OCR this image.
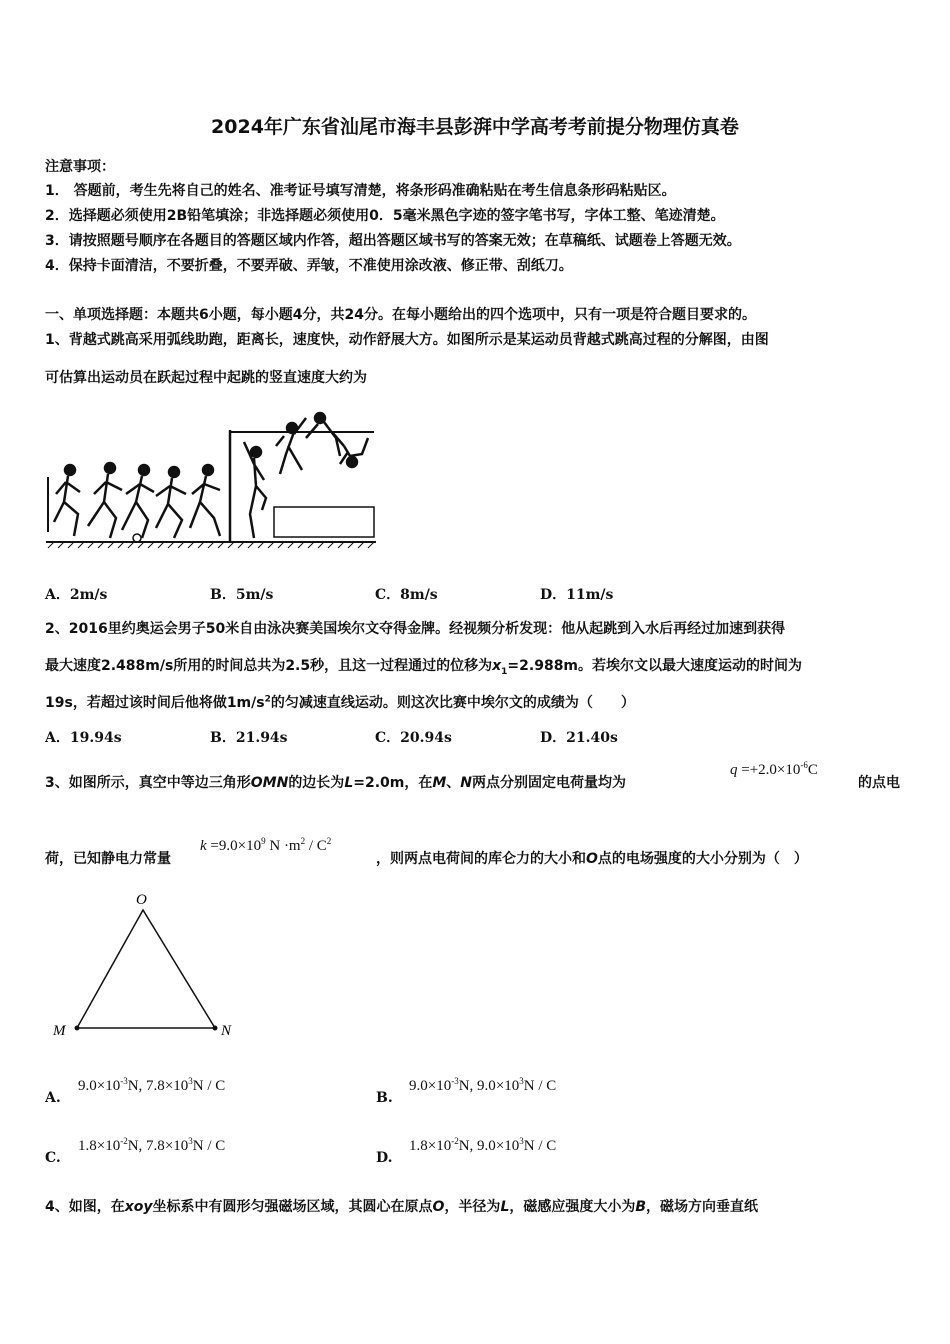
2024年广东省汕尾市海丰县彭湃中学高考考前提分物理仿真卷
注意事项：
1． 答题前，考生先将自己的姓名、准考证号填写清楚，将条形码准确粘贴在考生信息条形码粘贴区。
2．选择题必须使用2B铅笔填涂；非选择题必须使用0．5毫米黑色字迹的签字笔书写，字体工整、笔迹清楚。
3．请按照题号顺序在各题目的答题区域内作答，超出答题区域书写的答案无效；在草稿纸、试题卷上答题无效。
4．保持卡面清洁，不要折叠，不要弄破、弄皱，不准使用涂改液、修正带、刮纸刀。
一、单项选择题：本题共6小题，每小题4分，共24分。在每小题给出的四个选项中，只有一项是符合题目要求的。
1、背越式跳高采用弧线助跑，距离长，速度快，动作舒展大方。如图所示是某运动员背越式跳高过程的分解图，由图
可估算出运动员在跃起过程中起跳的竖直速度大约为
A．2m/s	B．5m/s	C．8m/s	D．11m/s
2、2016里约奥运会男子50米自由泳决赛美国埃尔文夺得金牌。经视频分析发现：他从起跳到入水后再经过加速到获得
最大速度2.488m/s所用的时间总共为2.5秒，且这一过程通过的位移为$x_1=2.988m$。若埃尔文以最大速度运动的时间为
19s，若超过该时间后他将做$1m/s^2$的匀减速直线运动。则这次比赛中埃尔文的成绩为（　　）
A．19.94s	B．21.94s	C．20.94s	D．21.40s
3、如图所示，真空中等边三角形OMN的边长为L=2.0m，在M、N两点分别固定电荷量均为
$q =+2.0\times 10^{-6}C$
的点电
荷，已知静电力常量
$k =9.0\times 10^9$ $N \cdot m^2 / C^2$
，则两点电荷间的库仑力的大小和O点的电场强度的大小分别为（　）
O
M	N
A.
$9.0\times 10^{-3}N$, $7.8\times 10^3N / C$
B.
$9.0\times 10^{-3}N$, $9.0\times 10^3N / C$
C.
$1.8\times 10^{-2}N$, $7.8\times 10^3N / C$
D.
$1.8\times 10^{-2}N$, $9.0\times 10^3N / C$
4、如图，在xoy坐标系中有圆形匀强磁场区域，其圆心在原点O，半径为L，磁感应强度大小为B，磁场方向垂直纸
